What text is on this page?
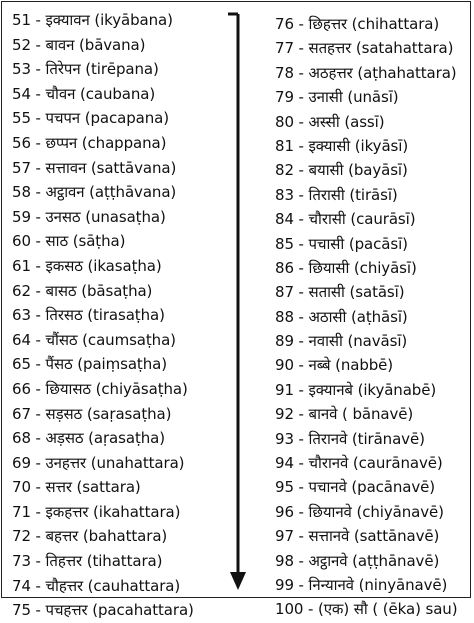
51 - इक्यावन (ikyābana)
52 - बावन (bāvana)
53 - तिरेपन (tirēpana)
54 - चौवन (caubana)
55 - पचपन (pacapana)
56 - छप्पन (chappana)
57 - सत्तावन (sattāvana)
58 - अट्ठावन (aṭṭhāvana)
59 - उनसठ (unasaṭha)
60 - साठ (sāṭha)
61 - इकसठ (ikasaṭha)
62 - बासठ (bāsaṭha)
63 - तिरसठ (tirasaṭha)
64 - चौंसठ (caumsaṭha)
65 - पैंसठ (paiṃsaṭha)
66 - छियासठ (chiyāsaṭha)
67 - सड़सठ (saṛasaṭha)
68 - अड़सठ (aṛasaṭha)
69 - उनहत्तर (unahattara)
70 - सत्तर (sattara)
71 - इकहत्तर (ikahattara)
72 - बहत्तर (bahattara)
73 - तिहत्तर (tihattara)
74 - चौहत्तर (cauhattara)
75 - पचहत्तर (pacahattara)
76 - छिहत्तर (chihattara)
77 - सतहत्तर (satahattara)
78 - अठहत्तर (aṭhahattara)
79 - उनासी (unāsī)
80 - अस्सी (assī)
81 - इक्यासी (ikyāsī)
82 - बयासी (bayāsī)
83 - तिरासी (tirāsī)
84 - चौरासी (caurāsī)
85 - पचासी (pacāsī)
86 - छियासी (chiyāsī)
87 - सतासी (satāsī)
88 - अठासी (aṭhāsī)
89 - नवासी (navāsī)
90 - नब्बे (nabbē)
91 - इक्यानबे (ikyānabē)
92 - बानवे ( bānavē)
93 - तिरानवे (tirānavē)
94 - चौरानवे (caurānavē)
95 - पचानवे (pacānavē)
96 - छियानवे (chiyānavē)
97 - सत्तानवे (sattānavē)
98 - अट्ठानवे (aṭṭhānavē)
99 - निन्यानवे (ninyānavē)
100 - (एक) सौ ( (ēka) sau)
